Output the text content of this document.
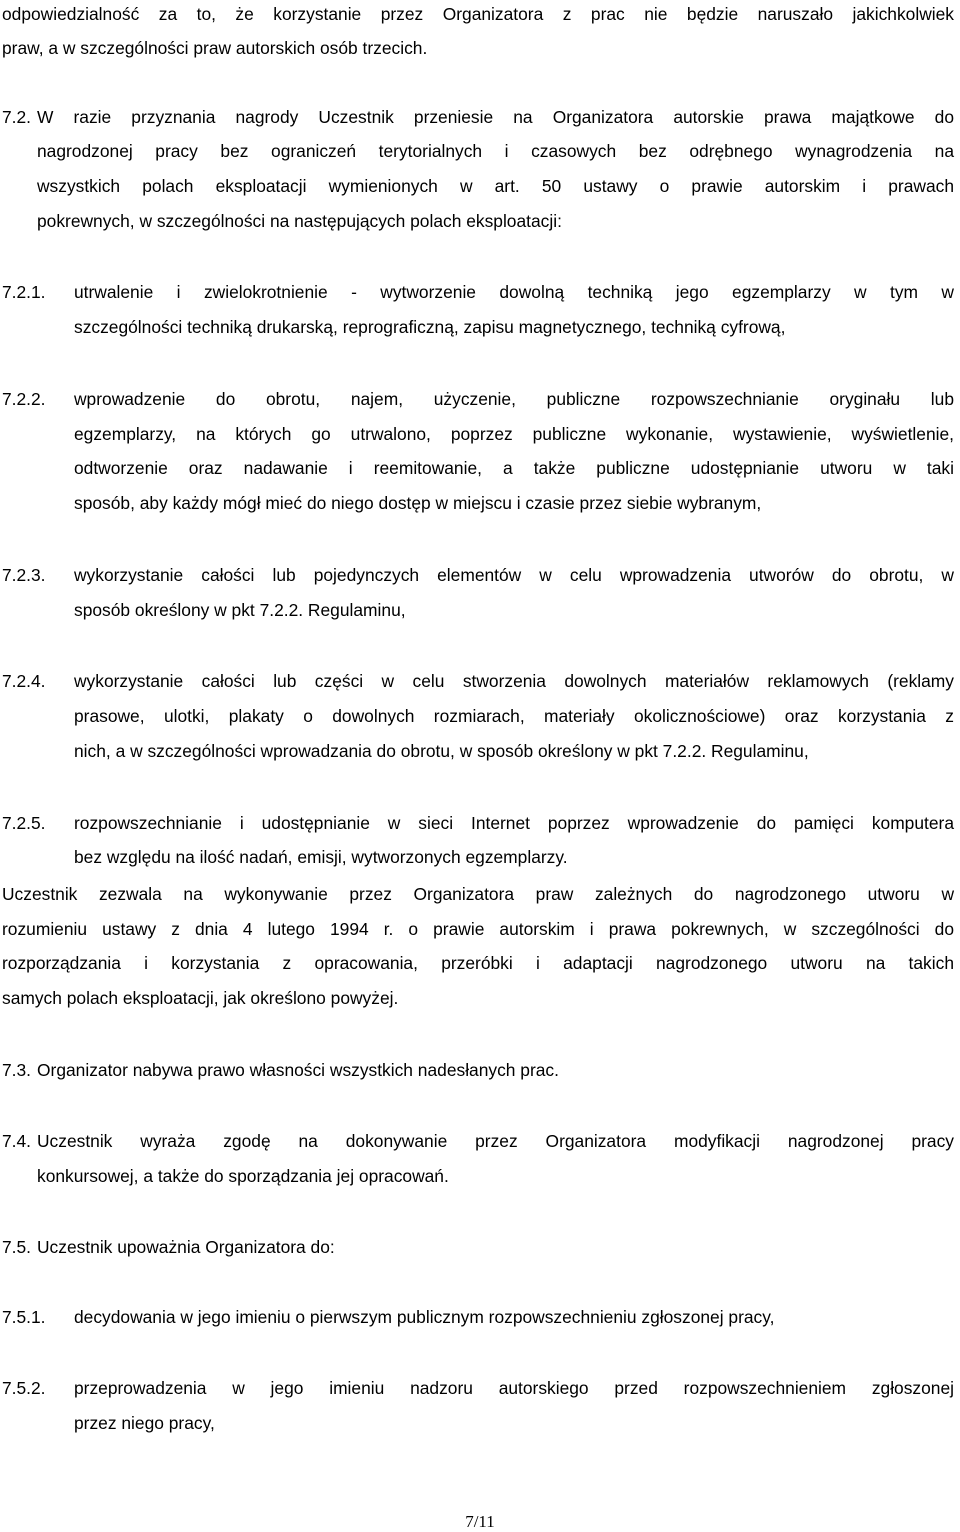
odpowiedzialność za to, że korzystanie przez Organizatora z prac nie będzie naruszało jakichkolwiek
praw, a w szczególności praw autorskich osób trzecich.
7.2. W razie przyznania nagrody Uczestnik przeniesie na Organizatora autorskie prawa majątkowe do
nagrodzonej pracy bez ograniczeń terytorialnych i czasowych bez odrębnego wynagrodzenia na
wszystkich polach eksploatacji wymienionych w art. 50 ustawy o prawie autorskim i prawach
pokrewnych, w szczególności na następujących polach eksploatacji:
7.2.1. utrwalenie i zwielokrotnienie - wytworzenie dowolną techniką jego egzemplarzy w tym w
szczególności techniką drukarską, reprograficzną, zapisu magnetycznego, techniką cyfrową,
7.2.2. wprowadzenie do obrotu, najem, użyczenie, publiczne rozpowszechnianie oryginału lub
egzemplarzy, na których go utrwalono, poprzez publiczne wykonanie, wystawienie, wyświetlenie,
odtworzenie oraz nadawanie i reemitowanie, a także publiczne udostępnianie utworu w taki
sposób, aby każdy mógł mieć do niego dostęp w miejscu i czasie przez siebie wybranym,
7.2.3. wykorzystanie całości lub pojedynczych elementów w celu wprowadzenia utworów do obrotu, w
sposób określony w pkt 7.2.2. Regulaminu,
7.2.4. wykorzystanie całości lub części w celu stworzenia dowolnych materiałów reklamowych (reklamy
prasowe, ulotki, plakaty o dowolnych rozmiarach, materiały okolicznościowe) oraz korzystania z
nich, a w szczególności wprowadzania do obrotu, w sposób określony w pkt 7.2.2. Regulaminu,
7.2.5. rozpowszechnianie i udostępnianie w sieci Internet poprzez wprowadzenie do pamięci komputera
bez względu na ilość nadań, emisji, wytworzonych egzemplarzy.
Uczestnik zezwala na wykonywanie przez Organizatora praw zależnych do nagrodzonego utworu w
rozumieniu ustawy z dnia 4 lutego 1994 r. o prawie autorskim i prawa pokrewnych, w szczególności do
rozporządzania i korzystania z opracowania, przeróbki i adaptacji nagrodzonego utworu na takich
samych polach eksploatacji, jak określono powyżej.
7.3. Organizator nabywa prawo własności wszystkich nadesłanych prac.
7.4. Uczestnik wyraża zgodę na dokonywanie przez Organizatora modyfikacji nagrodzonej pracy
konkursowej, a także do sporządzania jej opracowań.
7.5. Uczestnik upoważnia Organizatora do:
7.5.1. decydowania w jego imieniu o pierwszym publicznym rozpowszechnieniu zgłoszonej pracy,
7.5.2. przeprowadzenia w jego imieniu nadzoru autorskiego przed rozpowszechnieniem zgłoszonej
przez niego pracy,
7/11
